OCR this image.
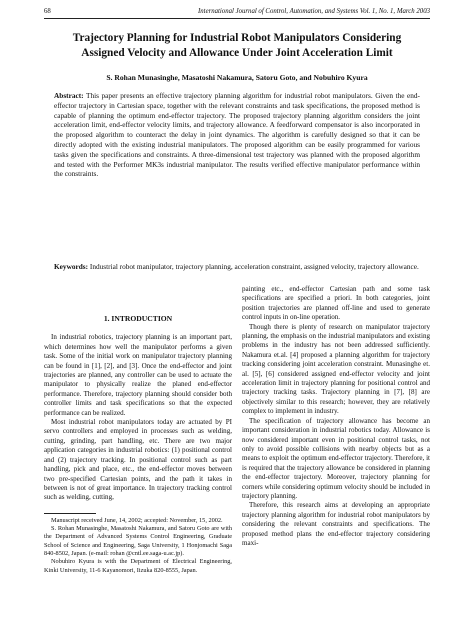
68	International Journal of Control, Automation, and Systems Vol. 1, No. 1, March 2003
Trajectory Planning for Industrial Robot Manipulators Considering
Assigned Velocity and Allowance Under Joint Acceleration Limit
S. Rohan Munasinghe, Masatoshi Nakamura, Satoru Goto, and Nobuhiro Kyura

Abstract: This paper presents an effective trajectory planning algorithm for industrial robot manipulators. Given the end-effector trajectory in Cartesian space, together with the relevant constraints and task specifications, the proposed method is capable of planning the optimum end-effector trajectory. The proposed trajectory planning algorithm considers the joint acceleration limit, end-effector velocity limits, and trajectory allowance. A feedforward compensator is also incorporated in the proposed algorithm to counteract the delay in joint dynamics. The algorithm is carefully designed so that it can be directly adopted with the existing industrial manipulators. The proposed algorithm can be easily programmed for various tasks given the specifications and constraints. A three-dimensional test trajectory was planned with the proposed algorithm and tested with the Performer MK3s industrial manipulator. The results verified effective manipulator performance within the constraints.

Keywords: Industrial robot manipulator, trajectory planning, acceleration constraint, assigned velocity, trajectory allowance.

1. INTRODUCTION

In industrial robotics, trajectory planning is an important part, which determines how well the manipulator performs a given task. Some of the initial work on manipulator trajectory planning can be found in [1], [2], and [3]. Once the end-effector and joint trajectories are planned, any controller can be used to actuate the manipulator to physically realize the planed end-effector performance. Therefore, trajectory planning should consider both controller limits and task specifications so that the expected performance can be realized.

Most industrial robot manipulators today are actuated by PI servo controllers and employed in processes such as welding, cutting, grinding, part handling, etc. There are two major application categories in industrial robotics: (1) positional control and (2) trajectory tracking. In positional control such as part handling, pick and place, etc., the end-effector moves between two pre-specified Cartesian points, and the path it takes in between is not of great importance. In trajectory tracking control such as welding, cutting,

Manuscript received June, 14, 2002; accepted: November, 15, 2002.

S. Rohan Munasinghe, Masatoshi Nakamura, and Satoru Goto are with the Department of Advanced Systems Control Engineering, Graduate School of Science and Engineering, Saga University, 1 Honjomachi Saga 840-8502, Japan. (e-mail: rohan @cntl.ee.saga-u.ac.jp).

Nobuhiro Kyura is with the Department of Electrical Engineering, Kinki University, 11-6 Kayanomori, Iizuka 820-8555, Japan.

painting etc., end-effector Cartesian path and some task specifications are specified a priori. In both categories, joint position trajectories are planned off-line and used to generate control inputs in on-line operation.

Though there is plenty of research on manipulator trajectory planning, the emphasis on the industrial manipulators and existing problems in the industry has not been addressed sufficiently. Nakamura et.al. [4] proposed a planning algorithm for trajectory tracking considering joint acceleration constraint. Munasinghe et. al. [5], [6] considered assigned end-effector velocity and joint acceleration limit in trajectory planning for positional control and trajectory tracking tasks. Trajectory planning in [7], [8] are objectively similar to this research; however, they are relatively complex to implement in industry.

The specification of trajectory allowance has become an important consideration in industrial robotics today. Allowance is now considered important even in positional control tasks, not only to avoid possible collisions with nearby objects but as a means to exploit the optimum end-effector trajectory. Therefore, it is required that the trajectory allowance be considered in planning the end-effector trajectory. Moreover, trajectory planning for corners while considering optimum velocity should be included in trajectory planning.

Therefore, this research aims at developing an appropriate trajectory planning algorithm for industrial robot manipulators by considering the relevant constraints and specifications. The proposed method plans the end-effector trajectory considering maxi-
